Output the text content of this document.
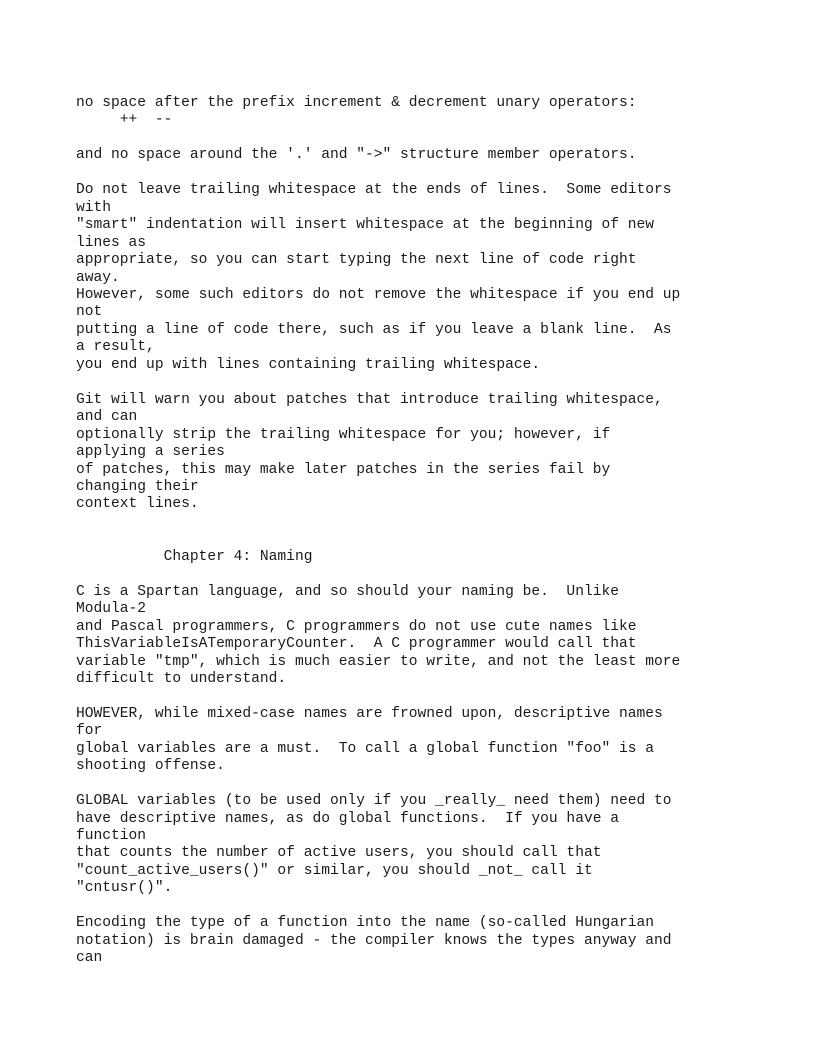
no space after the prefix increment & decrement unary operators:
++  --

and no space around the '.' and "->" structure member operators.

Do not leave trailing whitespace at the ends of lines.  Some editors
with
"smart" indentation will insert whitespace at the beginning of new
lines as
appropriate, so you can start typing the next line of code right
away.
However, some such editors do not remove the whitespace if you end up
not
putting a line of code there, such as if you leave a blank line.  As
a result,
you end up with lines containing trailing whitespace.

Git will warn you about patches that introduce trailing whitespace,
and can
optionally strip the trailing whitespace for you; however, if
applying a series
of patches, this may make later patches in the series fail by
changing their
context lines.

Chapter 4: Naming

C is a Spartan language, and so should your naming be.  Unlike
Modula-2
and Pascal programmers, C programmers do not use cute names like
ThisVariableIsATemporaryCounter.  A C programmer would call that
variable "tmp", which is much easier to write, and not the least more
difficult to understand.

HOWEVER, while mixed-case names are frowned upon, descriptive names
for
global variables are a must.  To call a global function "foo" is a
shooting offense.

GLOBAL variables (to be used only if you _really_ need them) need to
have descriptive names, as do global functions.  If you have a
function
that counts the number of active users, you should call that
"count_active_users()" or similar, you should _not_ call it
"cntusr()".

Encoding the type of a function into the name (so-called Hungarian
notation) is brain damaged - the compiler knows the types anyway and
can
